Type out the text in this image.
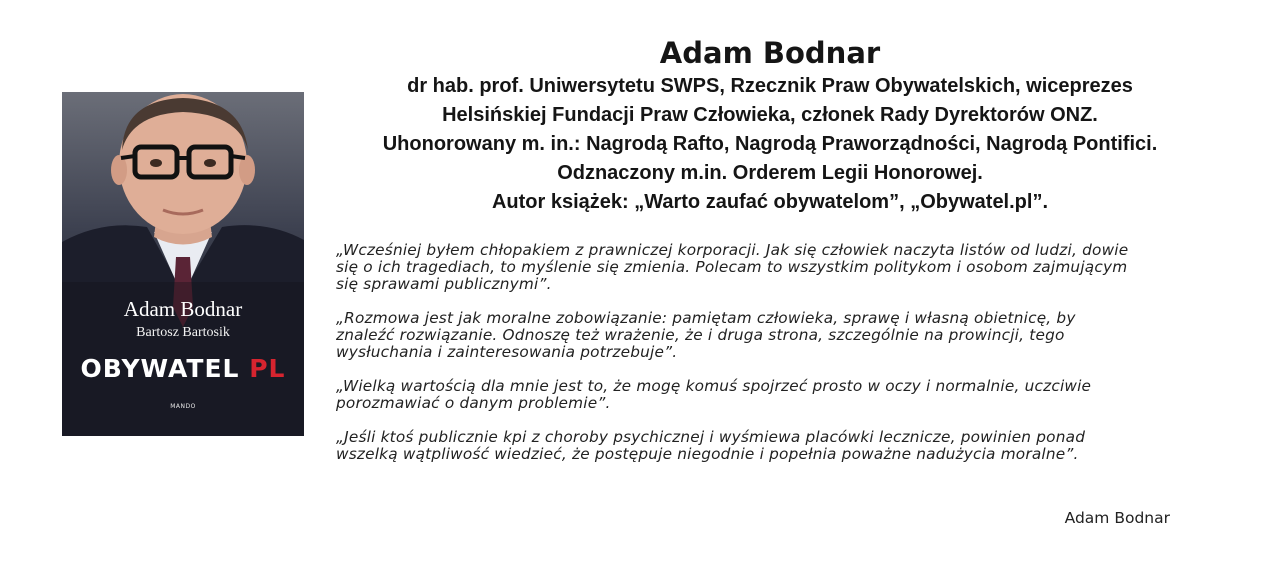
Adam Bodnar
Bartosz Bartosik
OBYWATEL PL
MANDO
Adam Bodnar
dr hab. prof. Uniwersytetu SWPS, Rzecznik Praw Obywatelskich, wiceprezes
Helsińskiej Fundacji Praw Człowieka, członek Rady Dyrektorów ONZ.
Uhonorowany m. in.: Nagrodą Rafto, Nagrodą Praworządności, Nagrodą Pontifici.
Odznaczony m.in. Orderem Legii Honorowej.
Autor książek: „Warto zaufać obywatelom”, „Obywatel.pl”.

„Wcześniej byłem chłopakiem z prawniczej korporacji. Jak się człowiek naczyta listów od ludzi, dowie
się o ich tragediach, to myślenie się zmienia. Polecam to wszystkim politykom i osobom zajmującym
się sprawami publicznymi”.

„Rozmowa jest jak moralne zobowiązanie: pamiętam człowieka, sprawę i własną obietnicę, by
znaleźć rozwiązanie. Odnoszę też wrażenie, że i druga strona, szczególnie na prowincji, tego
wysłuchania i zainteresowania potrzebuje”.

„Wielką wartością dla mnie jest to, że mogę komuś spojrzeć prosto w oczy i normalnie, uczciwie
porozmawiać o danym problemie”.

„Jeśli ktoś publicznie kpi z choroby psychicznej i wyśmiewa placówki lecznicze, powinien ponad
wszelką wątpliwość wiedzieć, że postępuje niegodnie i popełnia poważne nadużycia moralne”.

Adam Bodnar
